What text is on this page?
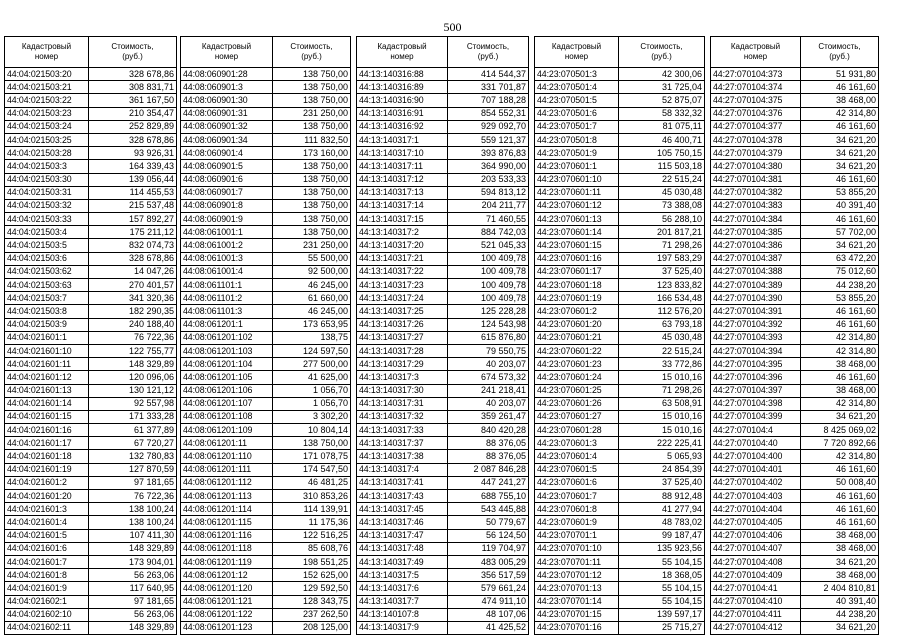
500
Кадастровый
номер	Стоимость,
(руб.)

44:04:021503:20	328 678,86
44:04:021503:21	308 831,71
44:04:021503:22	361 167,50
44:04:021503:23	210 354,47
44:04:021503:24	252 829,89
44:04:021503:25	328 678,86
44:04:021503:28	93 926,31
44:04:021503:3	164 339,43
44:04:021503:30	139 056,44
44:04:021503:31	114 455,53
44:04:021503:32	215 537,48
44:04:021503:33	157 892,27
44:04:021503:4	175 211,12
44:04:021503:5	832 074,73
44:04:021503:6	328 678,86
44:04:021503:62	14 047,26
44:04:021503:63	270 401,57
44:04:021503:7	341 320,36
44:04:021503:8	182 290,35
44:04:021503:9	240 188,40
44:04:021601:1	76 722,36
44:04:021601:10	122 755,77
44:04:021601:11	148 329,89
44:04:021601:12	120 096,06
44:04:021601:13	130 121,12
44:04:021601:14	92 557,98
44:04:021601:15	171 333,28
44:04:021601:16	61 377,89
44:04:021601:17	67 720,27
44:04:021601:18	132 780,83
44:04:021601:19	127 870,59
44:04:021601:2	97 181,65
44:04:021601:20	76 722,36
44:04:021601:3	138 100,24
44:04:021601:4	138 100,24
44:04:021601:5	107 411,30
44:04:021601:6	148 329,89
44:04:021601:7	173 904,01
44:04:021601:8	56 263,06
44:04:021601:9	117 640,95
44:04:021602:1	97 181,65
44:04:021602:10	56 263,06
44:04:021602:11	148 329,89
Кадастровый
номер	Стоимость,
(руб.)

44:08:060901:28	138 750,00
44:08:060901:3	138 750,00
44:08:060901:30	138 750,00
44:08:060901:31	231 250,00
44:08:060901:32	138 750,00
44:08:060901:34	111 832,50
44:08:060901:4	173 160,00
44:08:060901:5	138 750,00
44:08:060901:6	138 750,00
44:08:060901:7	138 750,00
44:08:060901:8	138 750,00
44:08:060901:9	138 750,00
44:08:061001:1	138 750,00
44:08:061001:2	231 250,00
44:08:061001:3	55 500,00
44:08:061001:4	92 500,00
44:08:061101:1	46 245,00
44:08:061101:2	61 660,00
44:08:061101:3	46 245,00
44:08:061201:1	173 653,95
44:08:061201:102	138,75
44:08:061201:103	124 597,50
44:08:061201:104	277 500,00
44:08:061201:105	41 625,00
44:08:061201:106	1 056,70
44:08:061201:107	1 056,70
44:08:061201:108	3 302,20
44:08:061201:109	10 804,14
44:08:061201:11	138 750,00
44:08:061201:110	171 078,75
44:08:061201:111	174 547,50
44:08:061201:112	46 481,25
44:08:061201:113	310 853,26
44:08:061201:114	114 139,91
44:08:061201:115	11 175,36
44:08:061201:116	122 516,25
44:08:061201:118	85 608,76
44:08:061201:119	198 551,25
44:08:061201:12	152 625,00
44:08:061201:120	129 592,50
44:08:061201:121	128 343,75
44:08:061201:122	237 262,50
44:08:061201:123	208 125,00
Кадастровый
номер	Стоимость,
(руб.)

44:13:140316:88	414 544,37
44:13:140316:89	331 701,87
44:13:140316:90	707 188,28
44:13:140316:91	854 552,31
44:13:140316:92	929 092,70
44:13:140317:1	559 121,37
44:13:140317:10	393 876,83
44:13:140317:11	364 990,00
44:13:140317:12	203 533,33
44:13:140317:13	594 813,12
44:13:140317:14	204 211,77
44:13:140317:15	71 460,55
44:13:140317:2	884 742,03
44:13:140317:20	521 045,33
44:13:140317:21	100 409,78
44:13:140317:22	100 409,78
44:13:140317:23	100 409,78
44:13:140317:24	100 409,78
44:13:140317:25	125 228,28
44:13:140317:26	124 543,98
44:13:140317:27	615 876,80
44:13:140317:28	79 550,75
44:13:140317:29	40 203,07
44:13:140317:3	674 573,32
44:13:140317:30	241 218,41
44:13:140317:31	40 203,07
44:13:140317:32	359 261,47
44:13:140317:33	840 420,28
44:13:140317:37	88 376,05
44:13:140317:38	88 376,05
44:13:140317:4	2 087 846,28
44:13:140317:41	447 241,27
44:13:140317:43	688 755,10
44:13:140317:45	543 445,88
44:13:140317:46	50 779,67
44:13:140317:47	56 124,50
44:13:140317:48	119 704,97
44:13:140317:49	483 005,29
44:13:140317:5	356 517,59
44:13:140317:6	579 661,24
44:13:140317:7	474 911,10
44:13:140107:8	48 107,06
44:13:140317:9	41 425,52
Кадастровый
номер	Стоимость,
(руб.)

44:23:070501:3	42 300,06
44:23:070501:4	31 725,04
44:23:070501:5	52 875,07
44:23:070501:6	58 332,32
44:23:070501:7	81 075,11
44:23:070501:8	46 400,71
44:23:070501:9	105 750,15
44:23:070601:1	115 503,18
44:23:070601:10	22 515,24
44:23:070601:11	45 030,48
44:23:070601:12	73 388,08
44:23:070601:13	56 288,10
44:23:070601:14	201 817,21
44:23:070601:15	71 298,26
44:23:070601:16	197 583,29
44:23:070601:17	37 525,40
44:23:070601:18	123 833,82
44:23:070601:19	166 534,48
44:23:070601:2	112 576,20
44:23:070601:20	63 793,18
44:23:070601:21	45 030,48
44:23:070601:22	22 515,24
44:23:070601:23	33 772,86
44:23:070601:24	15 010,16
44:23:070601:25	71 298,26
44:23:070601:26	63 508,91
44:23:070601:27	15 010,16
44:23:070601:28	15 010,16
44:23:070601:3	222 225,41
44:23:070601:4	5 065,93
44:23:070601:5	24 854,39
44:23:070601:6	37 525,40
44:23:070601:7	88 912,48
44:23:070601:8	41 277,94
44:23:070601:9	48 783,02
44:23:070701:1	99 187,47
44:23:070701:10	135 923,56
44:23:070701:11	55 104,15
44:23:070701:12	18 368,05
44:23:070701:13	55 104,15
44:23:070701:14	55 104,15
44:23:070701:15	139 597,17
44:23:070701:16	25 715,27
Кадастровый
номер	Стоимость,
(руб.)

44:27:070104:373	51 931,80
44:27:070104:374	46 161,60
44:27:070104:375	38 468,00
44:27:070104:376	42 314,80
44:27:070104:377	46 161,60
44:27:070104:378	34 621,20
44:27:070104:379	34 621,20
44:27:070104:380	34 621,20
44:27:070104:381	46 161,60
44:27:070104:382	53 855,20
44:27:070104:383	40 391,40
44:27:070104:384	46 161,60
44:27:070104:385	57 702,00
44:27:070104:386	34 621,20
44:27:070104:387	63 472,20
44:27:070104:388	75 012,60
44:27:070104:389	44 238,20
44:27:070104:390	53 855,20
44:27:070104:391	46 161,60
44:27:070104:392	46 161,60
44:27:070104:393	42 314,80
44:27:070104:394	42 314,80
44:27:070104:395	38 468,00
44:27:070104:396	46 161,60
44:27:070104:397	38 468,00
44:27:070104:398	42 314,80
44:27:070104:399	34 621,20
44:27:070104:4	8 425 069,02
44:27:070104:40	7 720 892,66
44:27:070104:400	42 314,80
44:27:070104:401	46 161,60
44:27:070104:402	50 008,40
44:27:070104:403	46 161,60
44:27:070104:404	46 161,60
44:27:070104:405	46 161,60
44:27:070104:406	38 468,00
44:27:070104:407	38 468,00
44:27:070104:408	34 621,20
44:27:070104:409	38 468,00
44:27:070104:41	2 404 810,81
44:27:070104:410	40 391,40
44:27:070104:411	44 238,20
44:27:070104:412	34 621,20
